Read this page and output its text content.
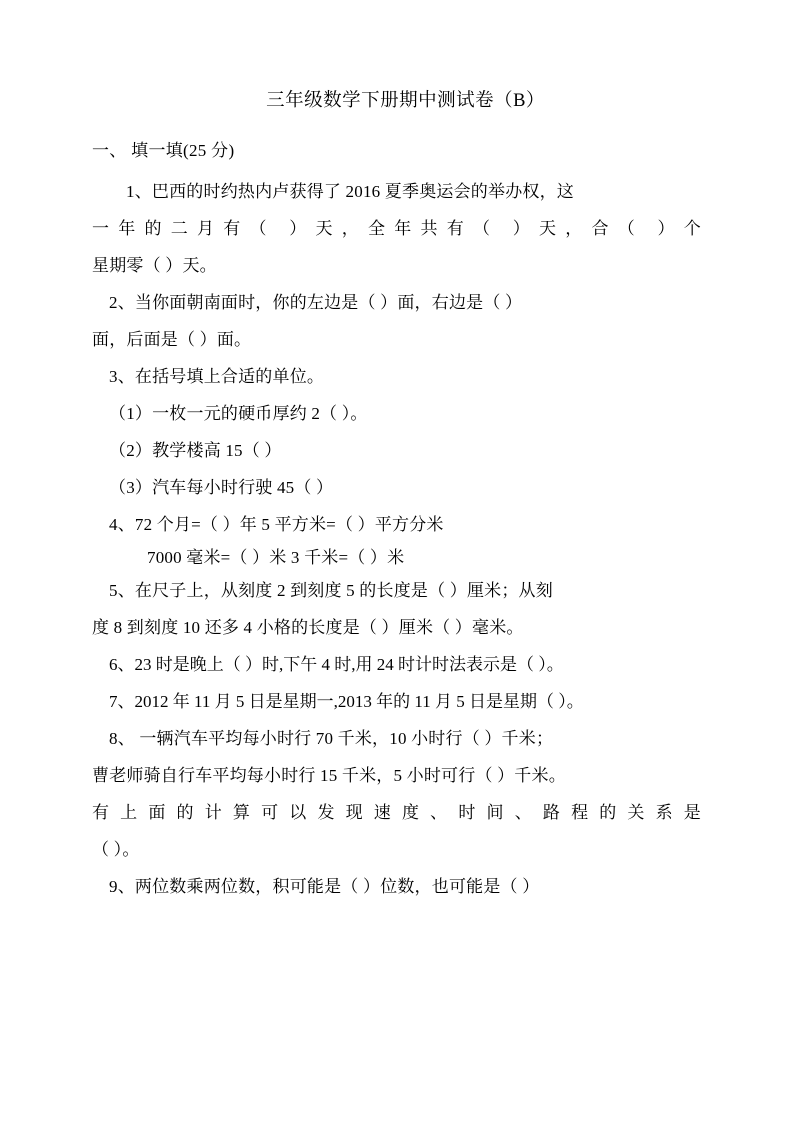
三年级数学下册期中测试卷（B）
一、 填一填(25 分)
1、巴西的时约热内卢获得了 2016 夏季奥运会的举办权，这
一年的二月有（ ）天，全年共有（ ）天，合（ ）个
星期零（ ）天。
2、当你面朝南面时，你的左边是（ ）面，右边是（ ）
面，后面是（ ）面。
3、在括号填上合适的单位。
（1）一枚一元的硬币厚约 2（ ）。
（2）教学楼高 15（ ）
（3）汽车每小时行驶 45（ ）
4、72 个月=（ ）年 5 平方米=（ ）平方分米
7000 毫米=（ ）米 3 千米=（ ）米
5、在尺子上，从刻度 2 到刻度 5 的长度是（ ）厘米；从刻
度 8 到刻度 10 还多 4 小格的长度是（ ）厘米（ ）毫米。
6、23 时是晚上（ ）时,下午 4 时,用 24 时计时法表示是（ ）。
7、2012 年 11 月 5 日是星期一,2013 年的 11 月 5 日是星期（ ）。
8、 一辆汽车平均每小时行 70 千米，10 小时行（ ）千米；
曹老师骑自行车平均每小时行 15 千米，5 小时可行（ ）千米。
有上面的计算可以发现速度、时间、路程的关系是
（ ）。
9、两位数乘两位数，积可能是（ ）位数，也可能是（ ）
